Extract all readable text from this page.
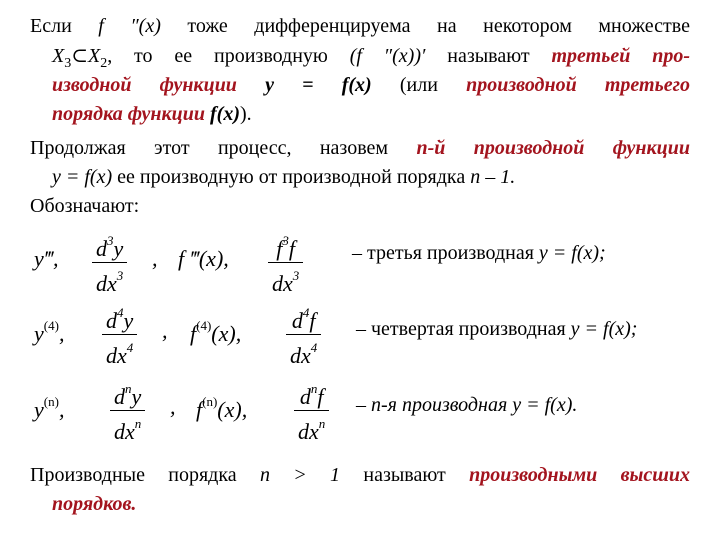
Если f ″(x) тоже дифференцируема на некотором множестве
$X_3\subset X_2$, то ее производную (f ″(x))′ называют третьей про-
изводной функции y = f(x) (или производной третьего
порядка функции f(x)).
Продолжая этот процесс, назовем n-й производной функции
y = f(x) ее производную от производной порядка n – 1.
Обозначают:
y‴, $d^3y$
$dx^3$
, f ‴(x), $f^3f$
$dx^3$
– третья производная y = f(x);
$y^{(4)}$,
$d^4y$
$dx^4$
, $f^{(4)}(x)$,
$d^4f$
$dx^4$
– четвертая производная y = f(x);
$y^{(n)}$,
$d^ny$
$dx^n$
, $f^{(n)}(x)$,
$d^nf$
$dx^n$
– n-я производная y = f(x).
Производные порядка n > 1 называют производными высших
порядков.
